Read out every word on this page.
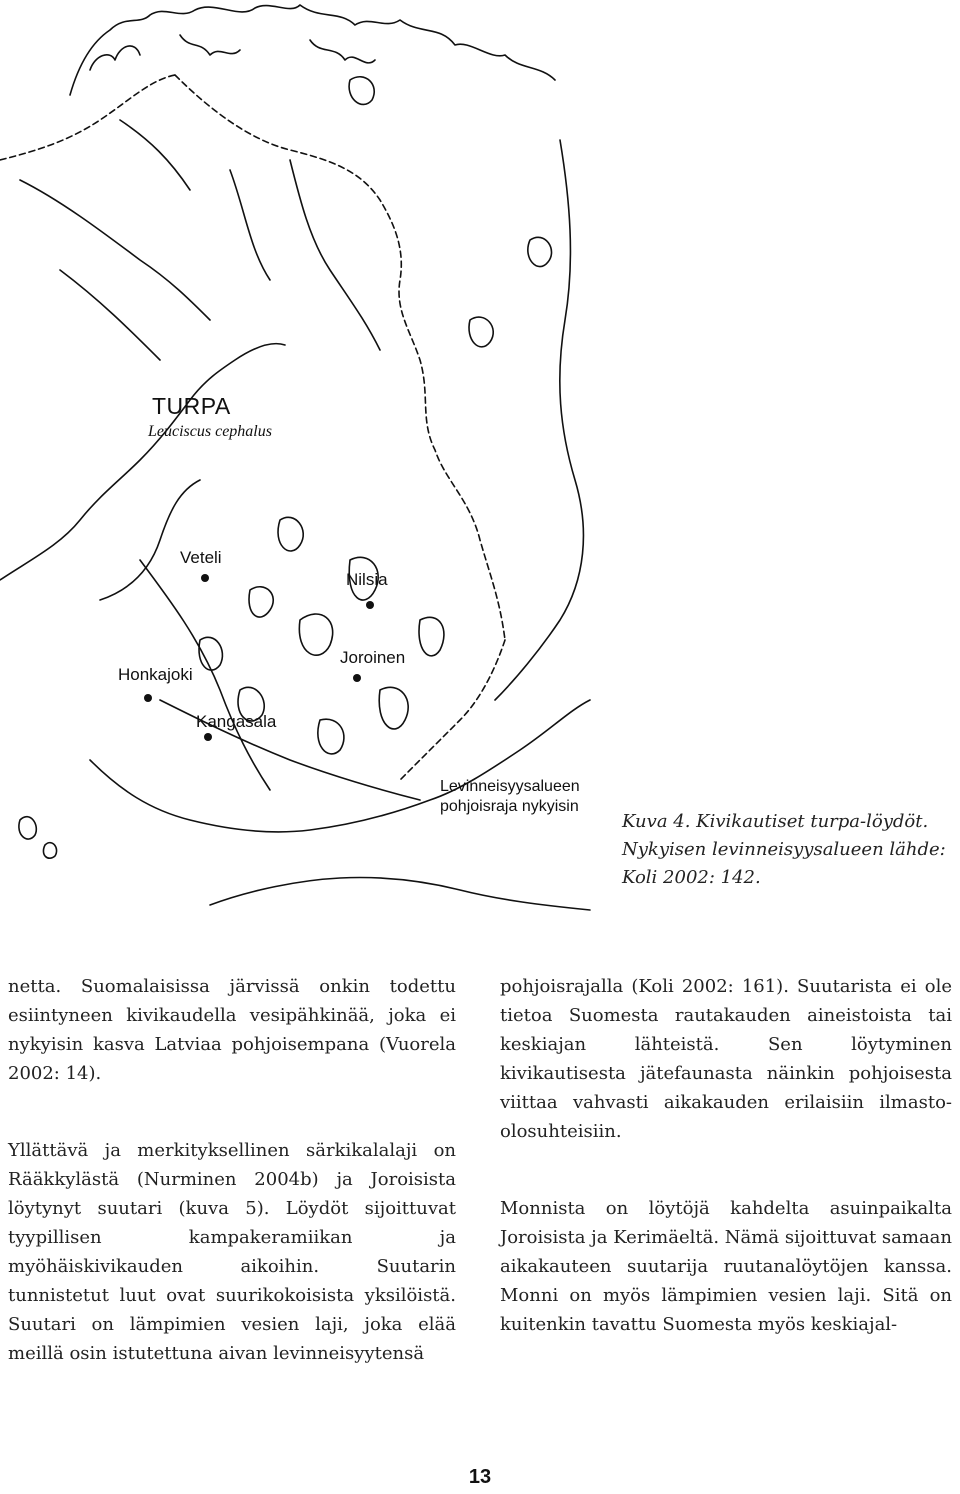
TURPA
Leuciscus cephalus
Veteli
Nilsia
Joroinen
Honkajoki
Kangasala
Levinneisyysalueen
pohjoisraja nykyisin
Kuva 4. Kivikautiset turpa-löydöt. Nykyisen levinneisyysalueen lähde: Koli 2002: 142.

netta. Suomalaisissa järvissä onkin todettu esiintyneen kivikaudella vesipähkinää, joka ei nykyisin kasva Latviaa pohjoisempana (Vuorela 2002: 14).

Yllättävä ja merkityksellinen särkikalalaji on Rääkkylästä (Nurminen 2004b) ja Joroisista löytynyt suutari (kuva 5). Löydöt sijoittuvat tyypillisen kampakeramiikan ja myöhäiskivikauden aikoihin. Suutarin tunnistetut luut ovat suurikokoisista yksilöistä. Suutari on lämpimien vesien laji, joka elää meillä osin istutettuna aivan levinneisyytensä

pohjoisrajalla (Koli 2002: 161). Suutarista ei ole tietoa Suomesta rautakauden aineistoista tai keskiajan lähteistä. Sen löytyminen kivikautisesta jätefaunasta näinkin pohjoisesta viittaa vahvasti aikakauden erilaisiin ilmasto-olosuhteisiin.

Monnista on löytöjä kahdelta asuinpaikalta Joroisista ja Kerimäeltä. Nämä sijoittuvat samaan aikakauteen suutarija ruutanalöytöjen kanssa. Monni on myös lämpimien vesien laji. Sitä on kuitenkin tavattu Suomesta myös keskiajal-

13
